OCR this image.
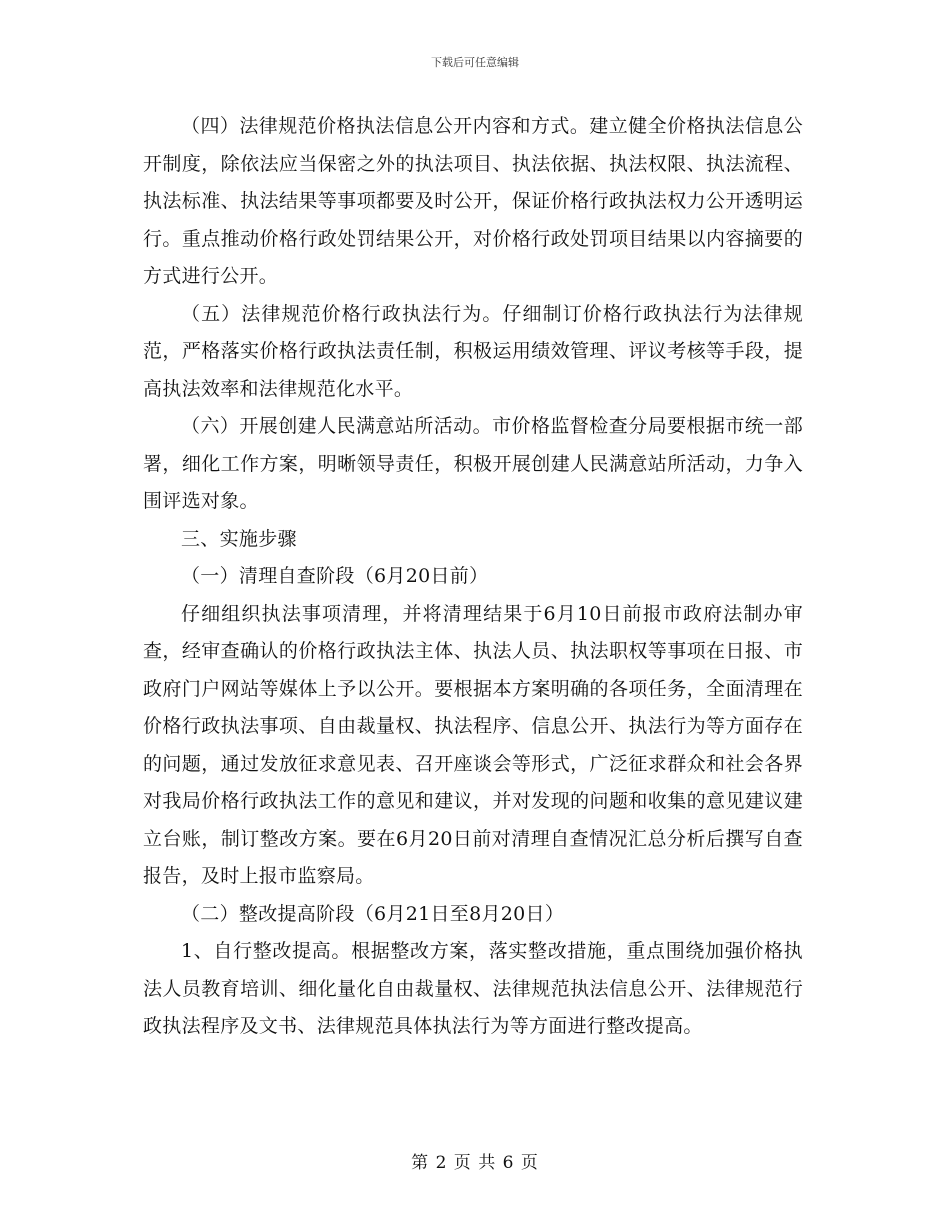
下载后可任意编辑

（四）法律规范价格执法信息公开内容和方式。建立健全价格执法信息公开制度，除依法应当保密之外的执法项目、执法依据、执法权限、执法流程、执法标准、执法结果等事项都要及时公开，保证价格行政执法权力公开透明运行。重点推动价格行政处罚结果公开，对价格行政处罚项目结果以内容摘要的方式进行公开。

（五）法律规范价格行政执法行为。仔细制订价格行政执法行为法律规范，严格落实价格行政执法责任制，积极运用绩效管理、评议考核等手段，提高执法效率和法律规范化水平。

（六）开展创建人民满意站所活动。市价格监督检查分局要根据市统一部署，细化工作方案，明晰领导责任，积极开展创建人民满意站所活动，力争入围评选对象。

三、实施步骤

（一）清理自查阶段（6月20日前）

仔细组织执法事项清理，并将清理结果于6月10日前报市政府法制办审查，经审查确认的价格行政执法主体、执法人员、执法职权等事项在日报、市政府门户网站等媒体上予以公开。要根据本方案明确的各项任务，全面清理在价格行政执法事项、自由裁量权、执法程序、信息公开、执法行为等方面存在的问题，通过发放征求意见表、召开座谈会等形式，广泛征求群众和社会各界对我局价格行政执法工作的意见和建议，并对发现的问题和收集的意见建议建立台账，制订整改方案。要在6月20日前对清理自查情况汇总分析后撰写自查报告，及时上报市监察局。

（二）整改提高阶段（6月21日至8月20日）

1、自行整改提高。根据整改方案，落实整改措施，重点围绕加强价格执法人员教育培训、细化量化自由裁量权、法律规范执法信息公开、法律规范行政执法程序及文书、法律规范具体执法行为等方面进行整改提高。

第 2 页 共 6 页
